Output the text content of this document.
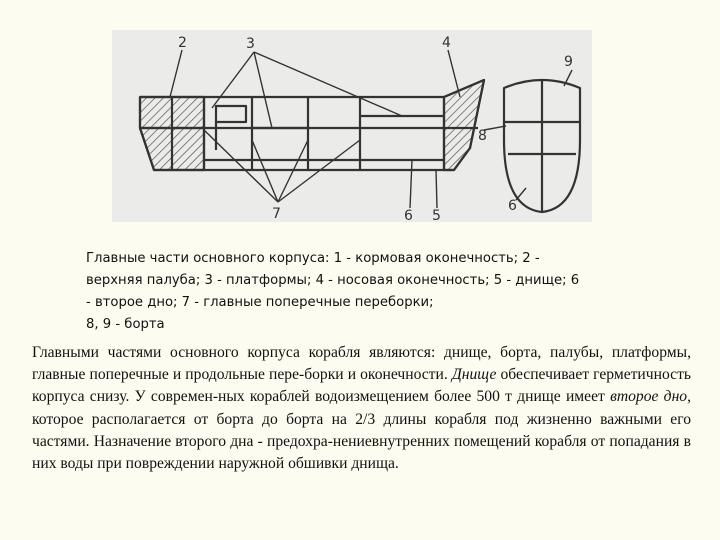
2	3	4
9
8
6
7	6 5
Главные части основного корпуса: 1 - кормовая оконечность; 2 -
верхняя палуба; 3 - платформы; 4 - носовая оконечность; 5 - днище; 6
- второе дно; 7 - главные поперечные переборки;
8, 9 - борта

Главными частями основного корпуса корабля являются: днище, борта, палубы, платформы, главные поперечные и продольные пере-борки и оконечности. Днище обеспечивает герметичность корпуса снизу. У современ-ных кораблей водоизмещением более 500 т днище имеет второе дно, которое располагается от борта до борта на 2/3 длины корабля под жизненно важными его частями. Назначение второго дна - предохра-нениевнутренних помещений корабля от попадания в них воды при повреждении наружной обшивки днища.
